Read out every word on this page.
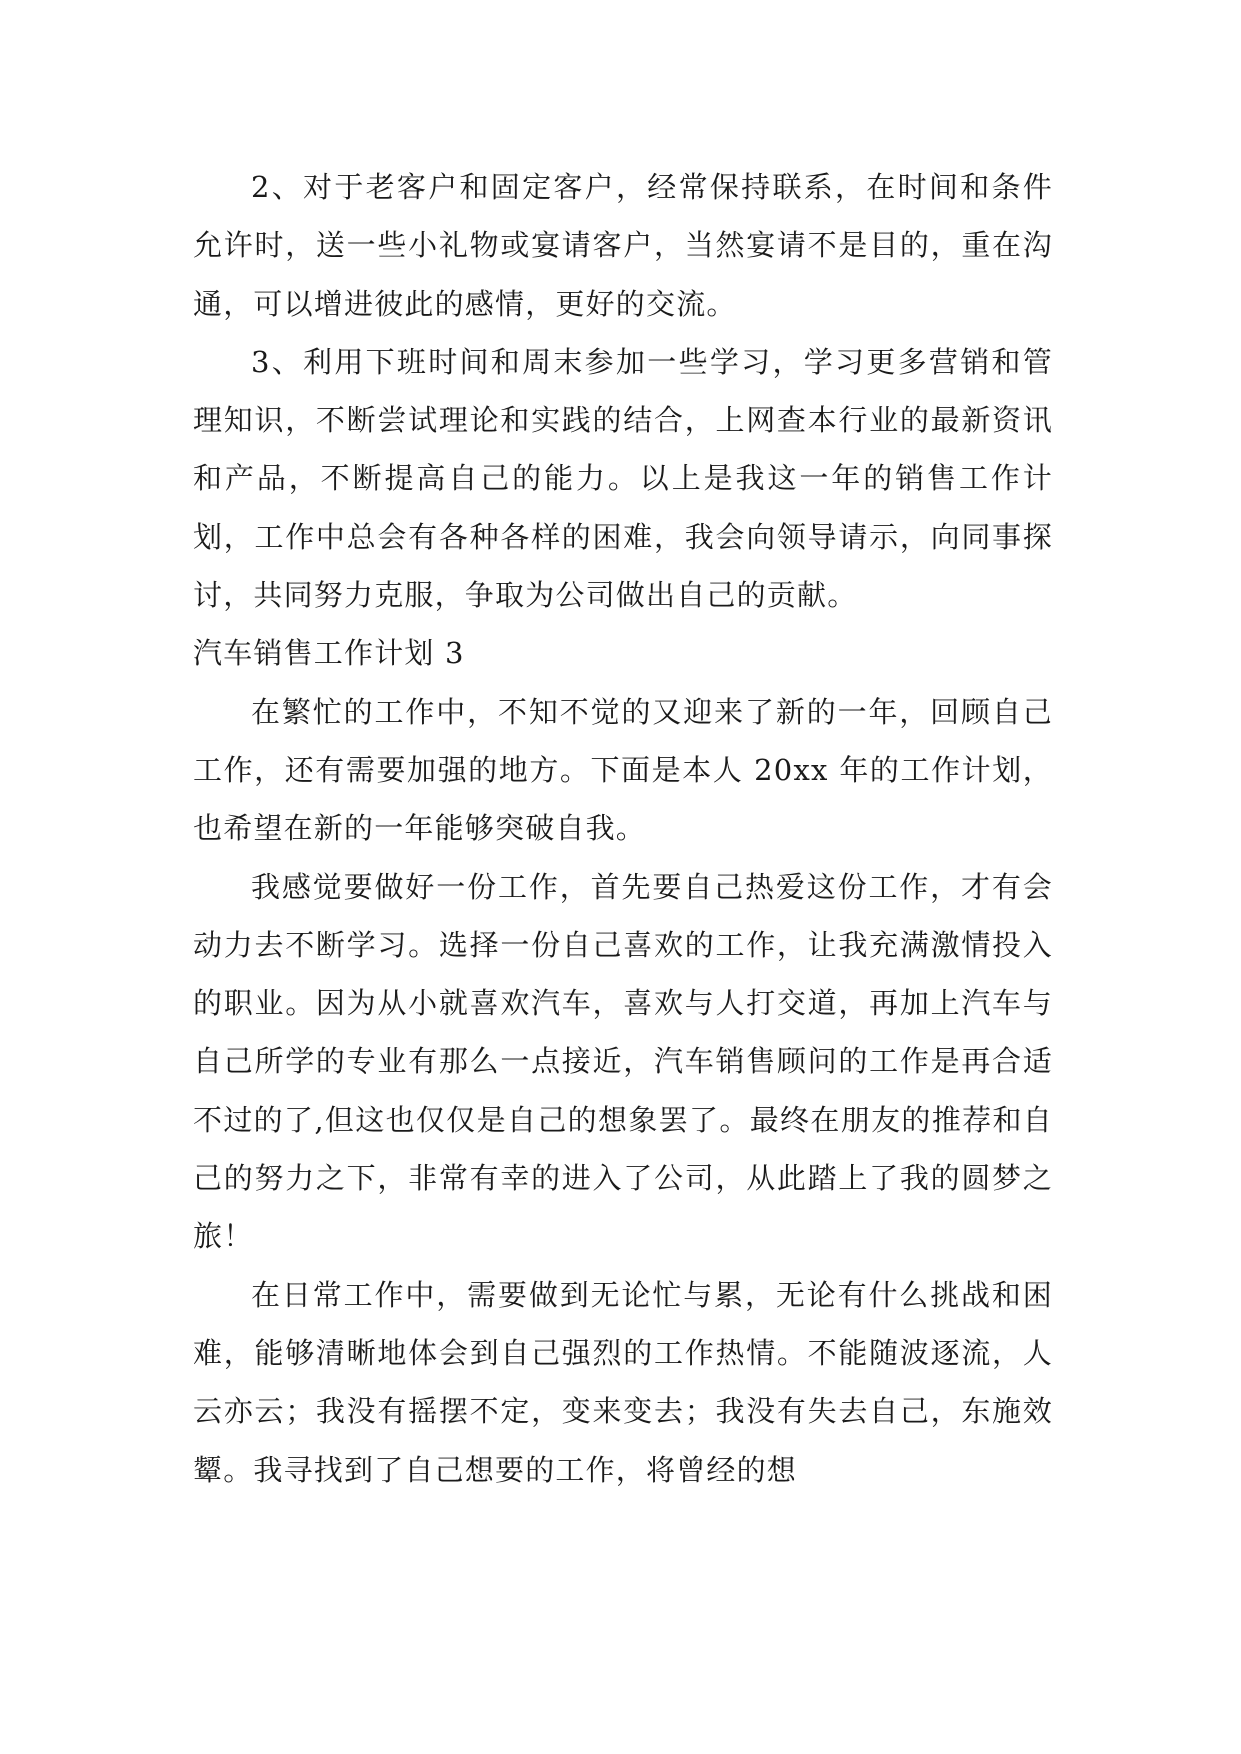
2、对于老客户和固定客户，经常保持联系，在时间和条件允许时，送一些小礼物或宴请客户，当然宴请不是目的，重在沟通，可以增进彼此的感情，更好的交流。

3、利用下班时间和周末参加一些学习，学习更多营销和管理知识，不断尝试理论和实践的结合，上网查本行业的最新资讯和产品，不断提高自己的能力。以上是我这一年的销售工作计划，工作中总会有各种各样的困难，我会向领导请示，向同事探讨，共同努力克服，争取为公司做出自己的贡献。

汽车销售工作计划 3

在繁忙的工作中，不知不觉的又迎来了新的一年，回顾自己工作，还有需要加强的地方。下面是本人 20xx 年的工作计划，也希望在新的一年能够突破自我。

我感觉要做好一份工作，首先要自己热爱这份工作，才有会动力去不断学习。选择一份自己喜欢的工作，让我充满激情投入的职业。因为从小就喜欢汽车，喜欢与人打交道，再加上汽车与自己所学的专业有那么一点接近，汽车销售顾问的工作是再合适不过的了,但这也仅仅是自己的想象罢了。最终在朋友的推荐和自己的努力之下，非常有幸的进入了公司，从此踏上了我的圆梦之旅！

在日常工作中，需要做到无论忙与累，无论有什么挑战和困难，能够清晰地体会到自己强烈的工作热情。不能随波逐流，人云亦云；我没有摇摆不定，变来变去；我没有失去自己，东施效颦。我寻找到了自己想要的工作，将曾经的想
